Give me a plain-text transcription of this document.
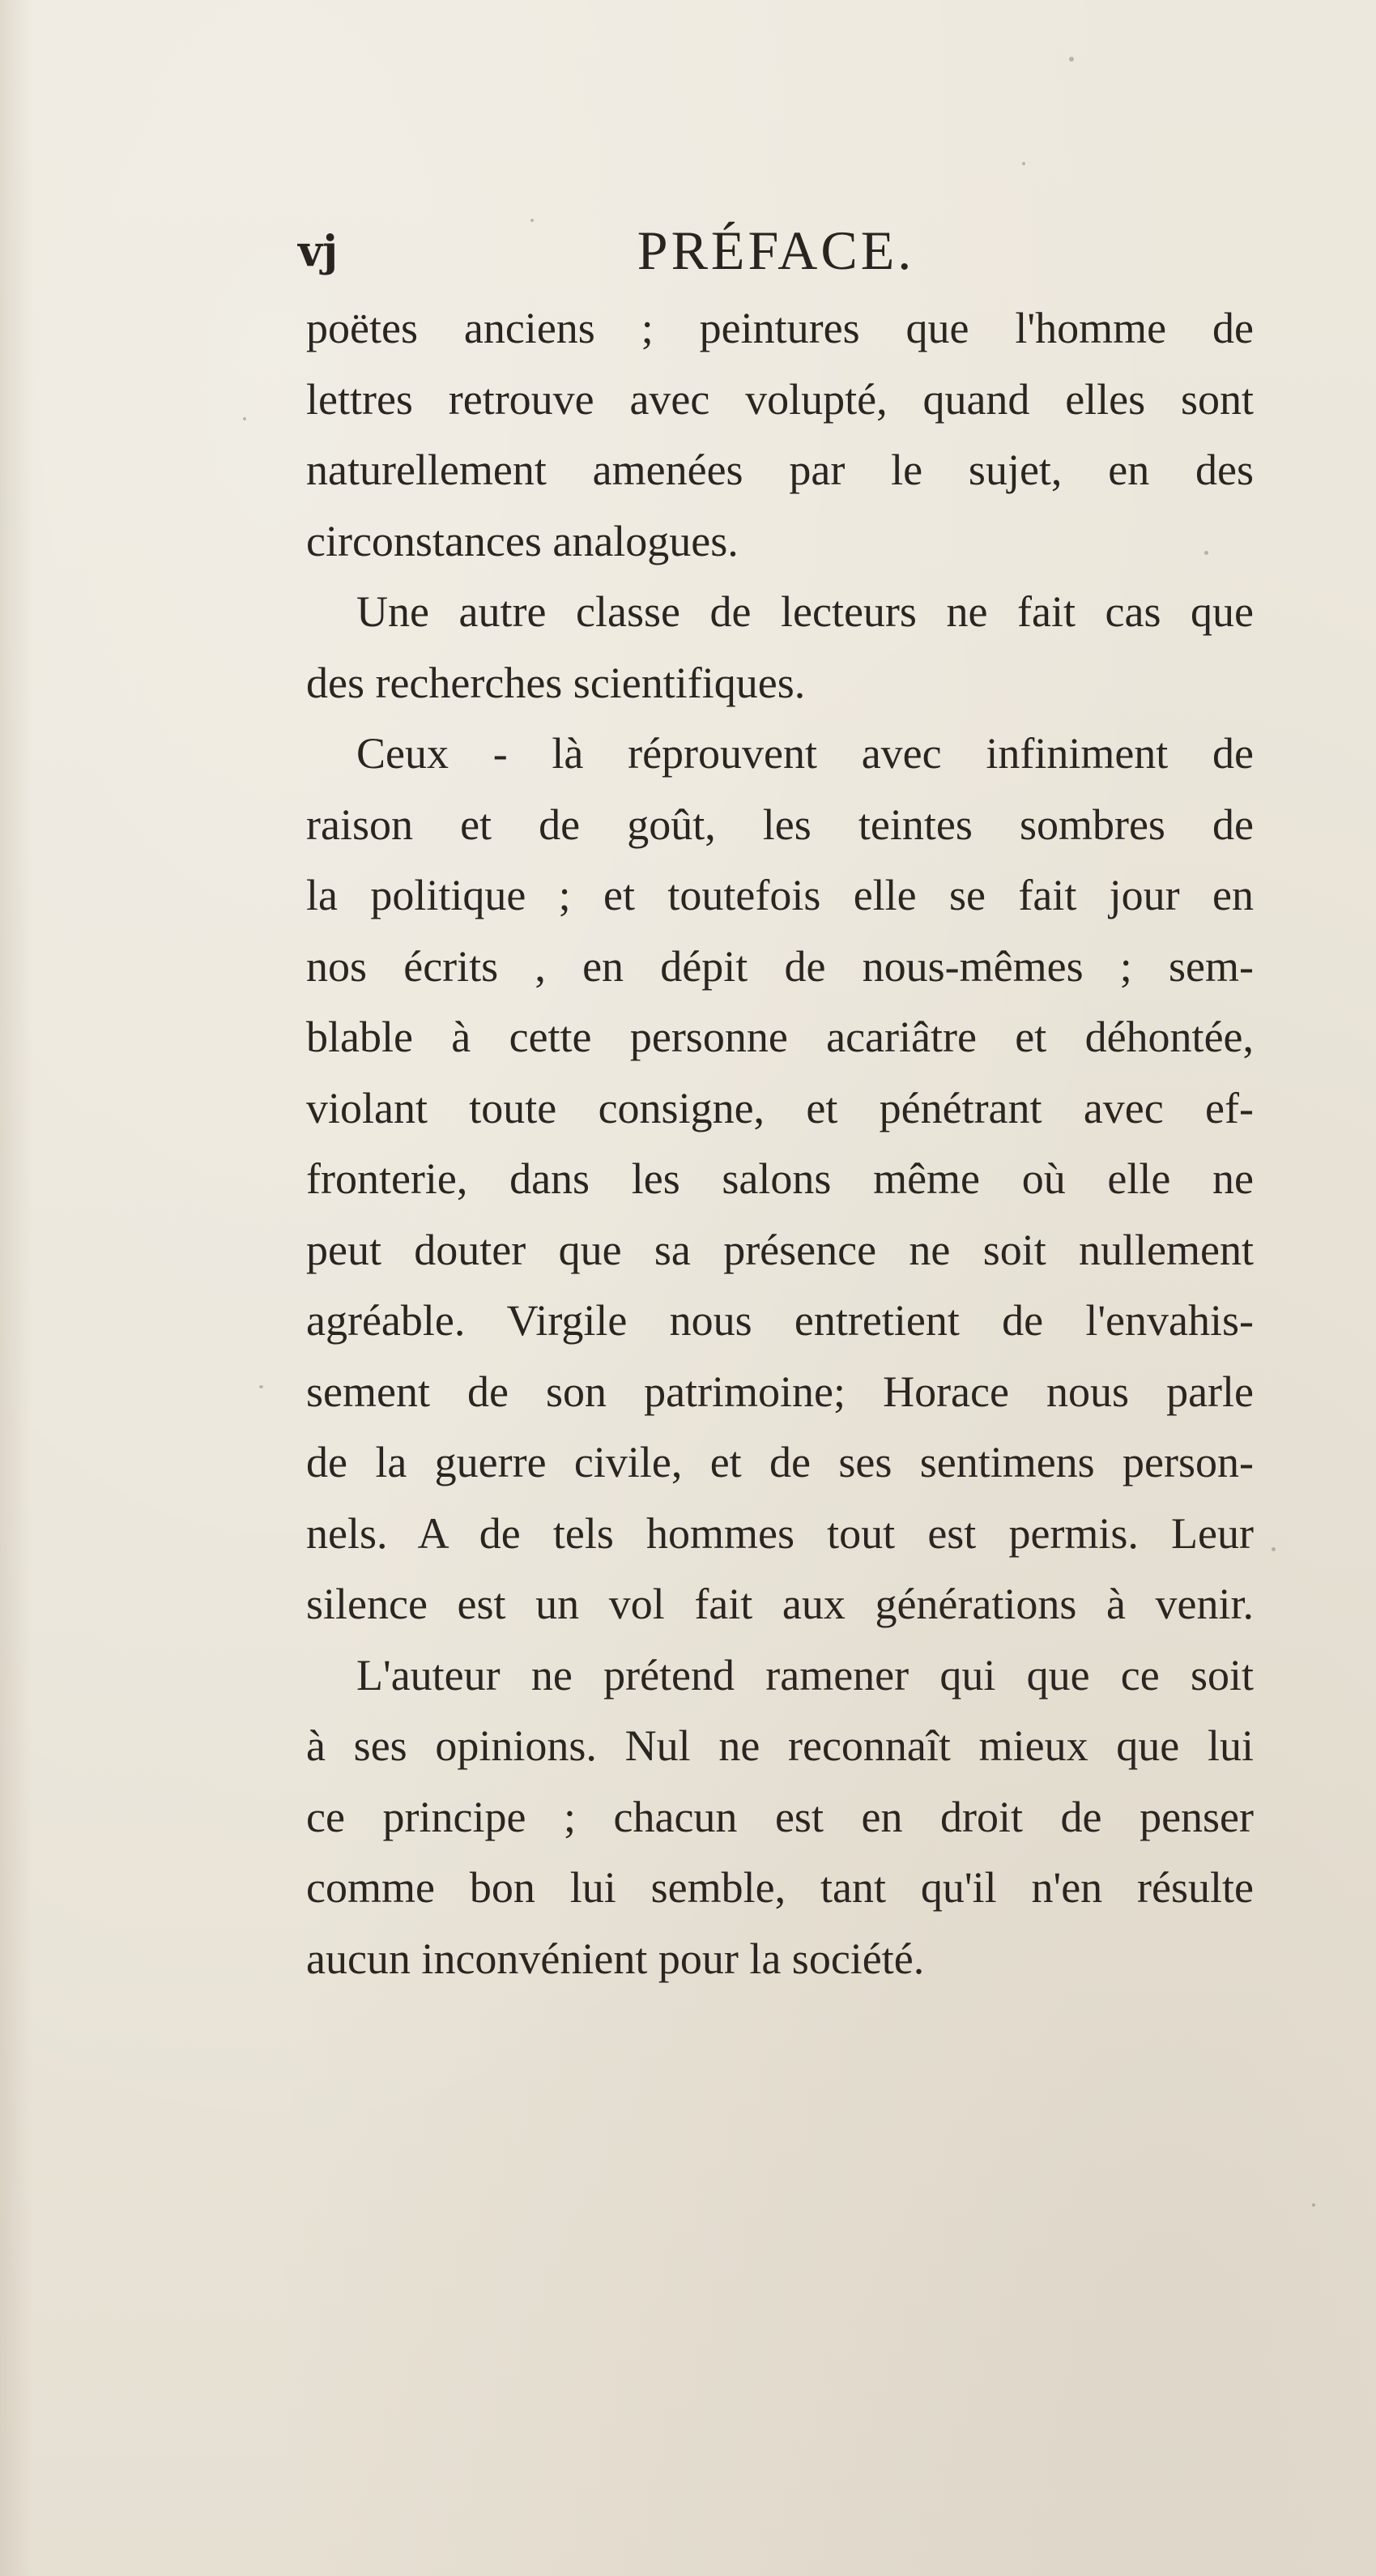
vj	PRÉFACE.
poëtes anciens ; peintures que l'homme de
lettres retrouve avec volupté, quand elles sont
naturellement amenées par le sujet, en des
circonstances analogues.
Une autre classe de lecteurs ne fait cas que
des recherches scientifiques.
Ceux - là réprouvent avec infiniment de
raison et de goût, les teintes sombres de
la politique ; et toutefois elle se fait jour en
nos écrits , en dépit de nous-mêmes ; sem-
blable à cette personne acariâtre et déhontée,
violant toute consigne, et pénétrant avec ef-
fronterie, dans les salons même où elle ne
peut douter que sa présence ne soit nullement
agréable. Virgile nous entretient de l'envahis-
sement de son patrimoine; Horace nous parle
de la guerre civile, et de ses sentimens person-
nels. A de tels hommes tout est permis. Leur
silence est un vol fait aux générations à venir.
L'auteur ne prétend ramener qui que ce soit
à ses opinions. Nul ne reconnaît mieux que lui
ce principe ; chacun est en droit de penser
comme bon lui semble, tant qu'il n'en résulte
aucun inconvénient pour la société.
